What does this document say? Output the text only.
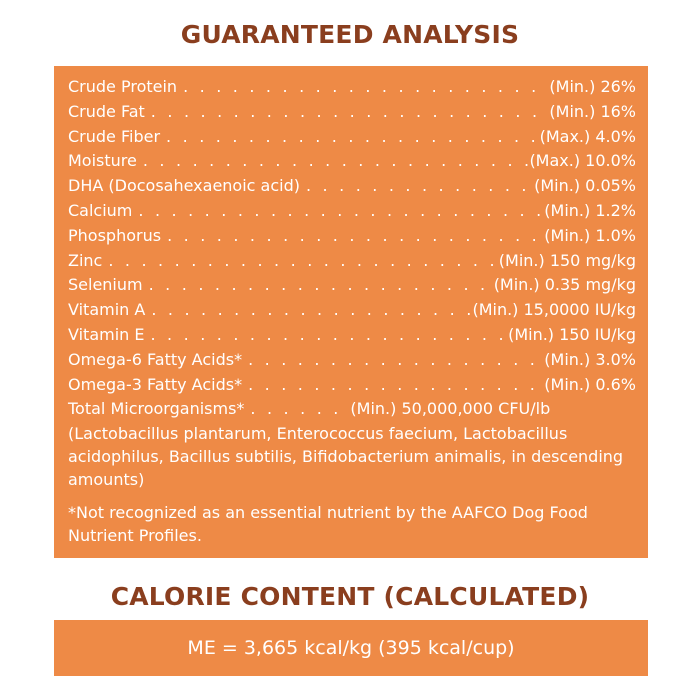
GUARANTEED ANALYSIS
Crude Protein . . .	(Min.) 26%
Crude Fat . . .	(Min.) 16%
Crude Fiber . . .	(Max.) 4.0%
Moisture . . .	(Max.) 10.0%
DHA (Docosahexaenoic acid) . . .	(Min.) 0.05%
Calcium . . .	(Min.) 1.2%
Phosphorus . . .	(Min.) 1.0%
Zinc . . .	(Min.) 150 mg/kg
Selenium . . .	(Min.) 0.35 mg/kg
Vitamin A . . .	(Min.) 15,0000 IU/kg
Vitamin E . . .	(Min.) 150 IU/kg
Omega-6 Fatty Acids* . . .	(Min.) 3.0%
Omega-3 Fatty Acids* . . .	(Min.) 0.6%
Total Microorganisms* . . .	(Min.) 50,000,000 CFU/lb
(Lactobacillus plantarum, Enterococcus faecium, Lactobacillus acidophilus, Bacillus subtilis, Bifidobacterium animalis, in descending amounts)
*Not recognized as an essential nutrient by the AAFCO Dog Food Nutrient Profiles.
CALORIE CONTENT (CALCULATED)
ME = 3,665 kcal/kg (395 kcal/cup)
